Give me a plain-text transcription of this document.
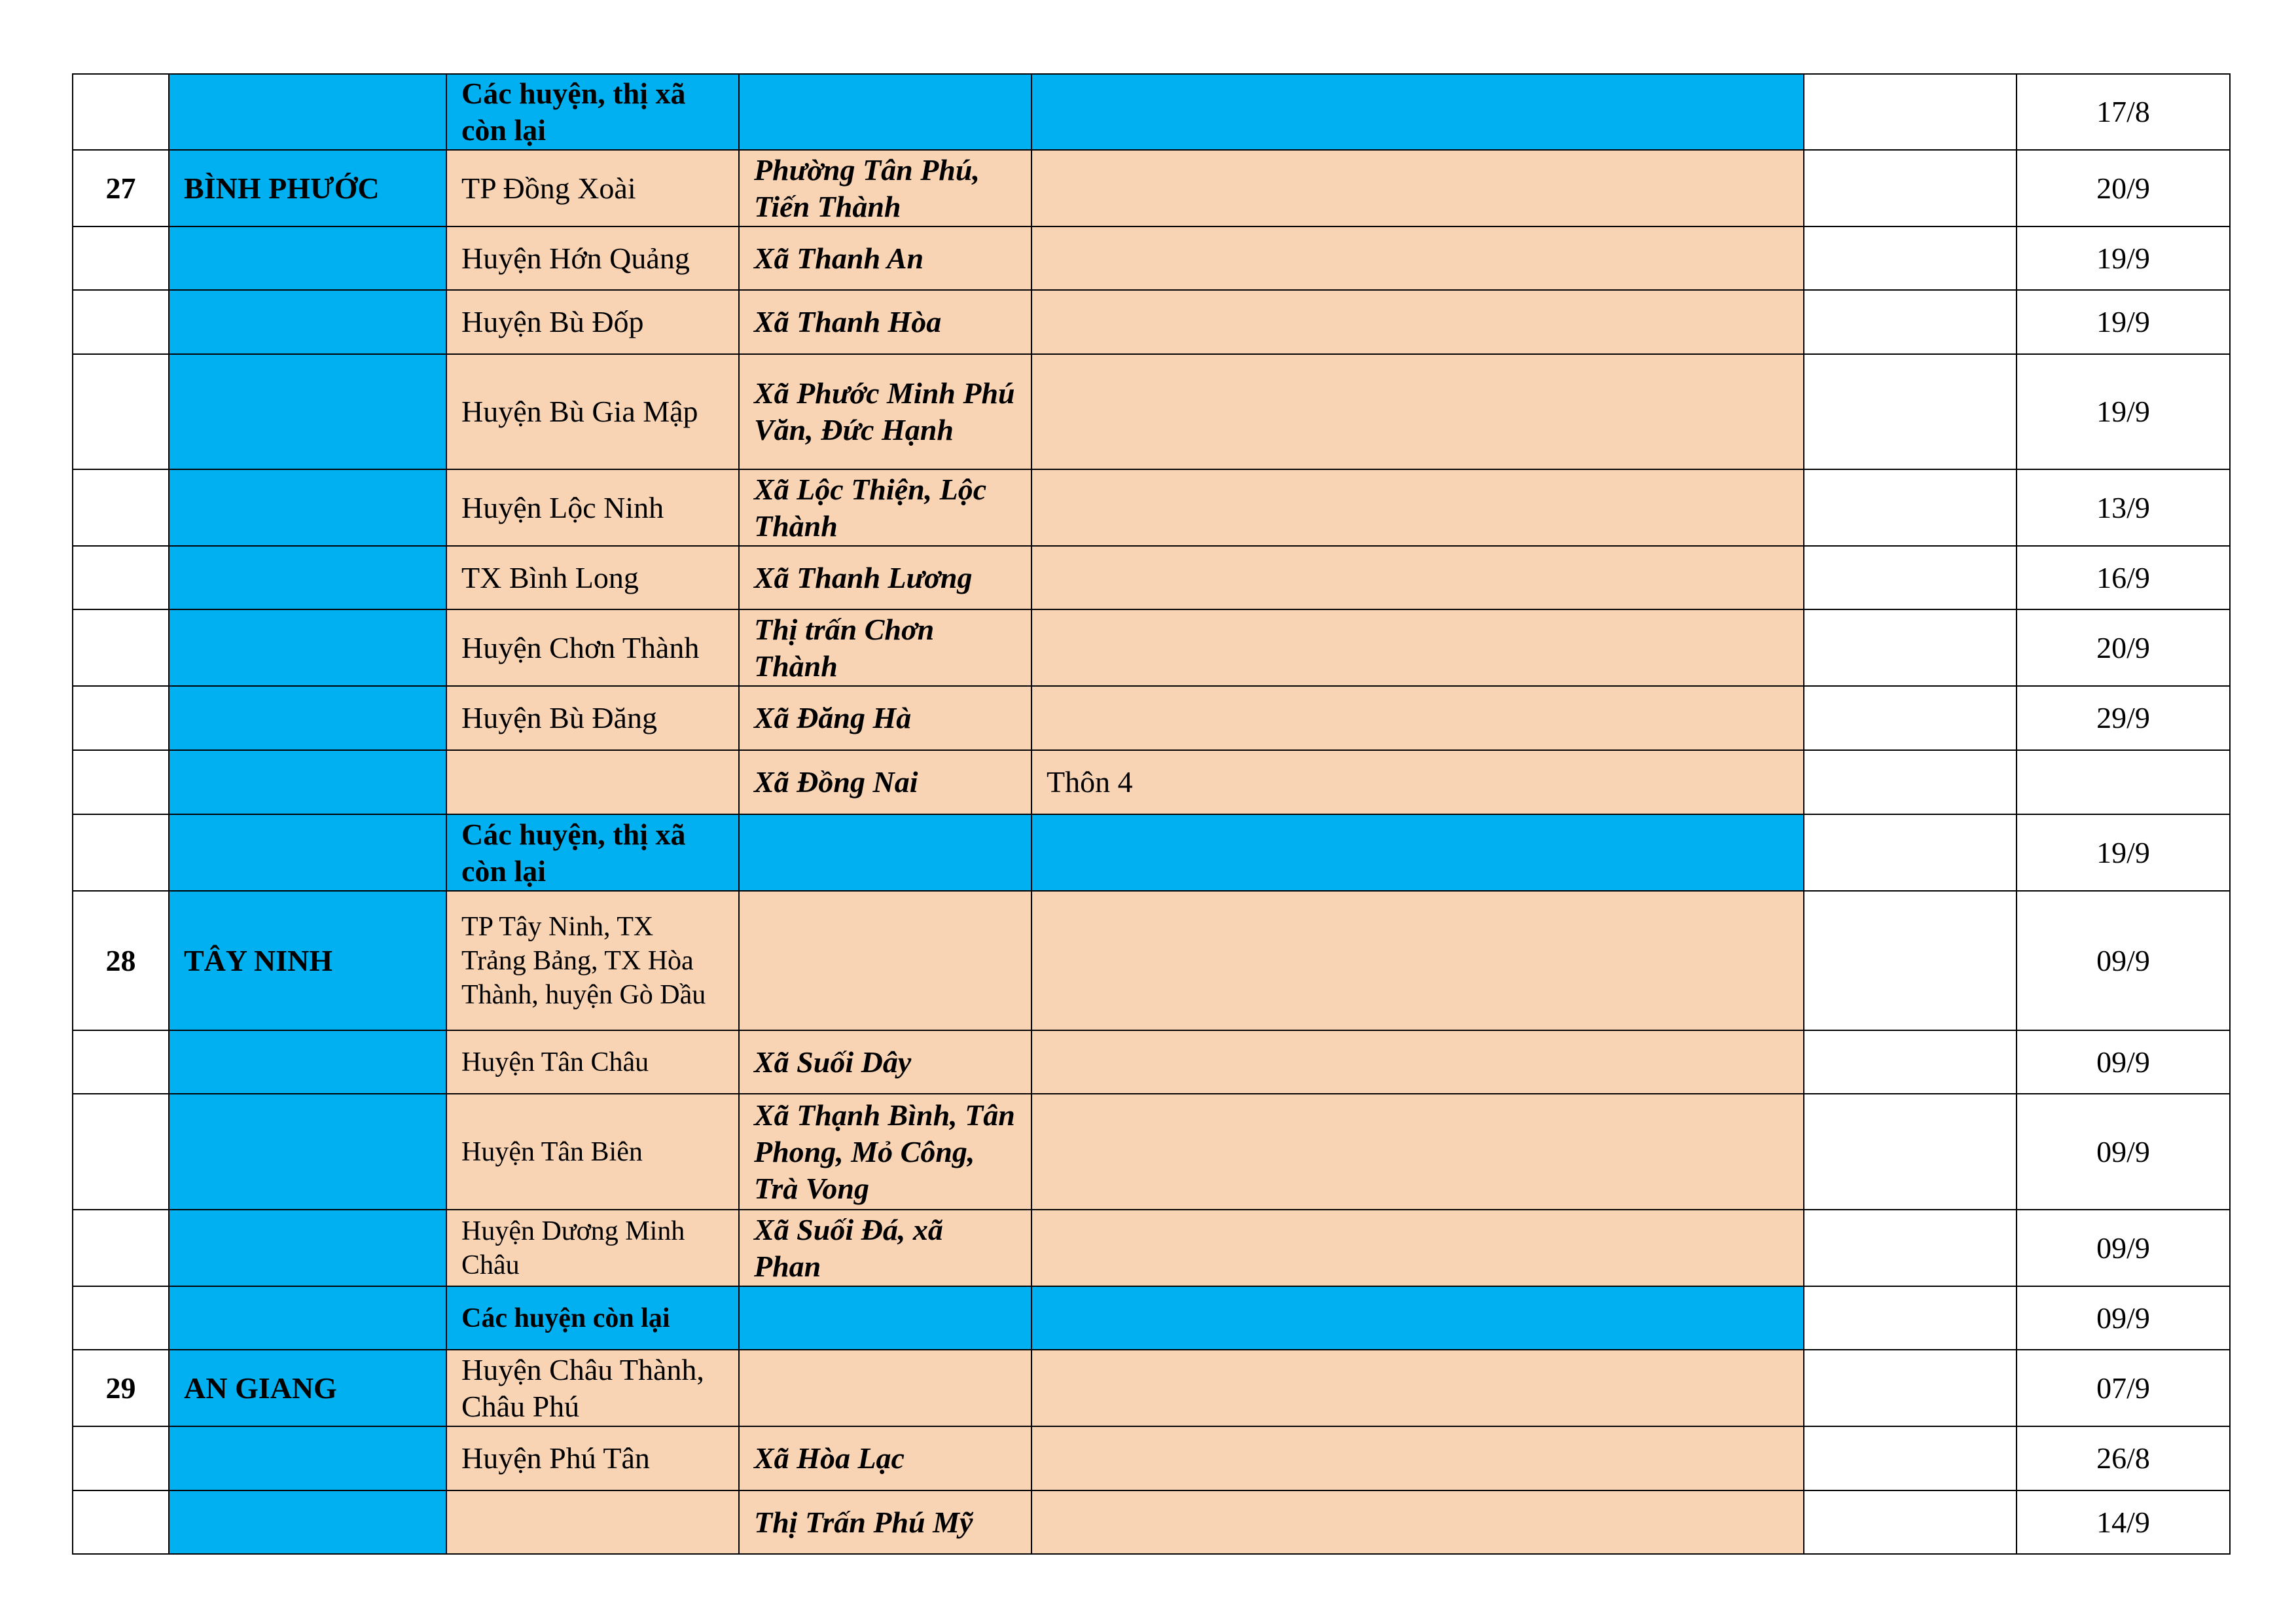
		Các huyện, thị xã còn lại				17/8
27	BÌNH PHƯỚC	TP Đồng Xoài	Phường Tân Phú, Tiến Thành			20/9
		Huyện Hớn Quảng	Xã Thanh An			19/9
		Huyện Bù Đốp	Xã Thanh Hòa			19/9
		Huyện Bù Gia Mập	Xã Phước Minh Phú Văn, Đức Hạnh			19/9
		Huyện Lộc Ninh	Xã Lộc Thiện, Lộc Thành			13/9
		TX Bình Long	Xã Thanh Lương			16/9
		Huyện Chơn Thành	Thị trấn Chơn Thành			20/9
		Huyện Bù Đăng	Xã Đăng Hà			29/9
			Xã Đồng Nai	Thôn 4		
		Các huyện, thị xã còn lại				19/9
28	TÂY NINH	TP Tây Ninh, TX Trảng Bảng, TX Hòa Thành, huyện Gò Dầu				09/9
		Huyện Tân Châu	Xã Suối Dây			09/9
		Huyện Tân Biên	Xã Thạnh Bình, Tân Phong, Mỏ Công, Trà Vong			09/9
		Huyện Dương Minh Châu	Xã Suối Đá, xã Phan			09/9
		Các huyện còn lại				09/9
29	AN GIANG	Huyện Châu Thành, Châu Phú				07/9
		Huyện Phú Tân	Xã Hòa Lạc			26/8
			Thị Trấn Phú Mỹ			14/9
